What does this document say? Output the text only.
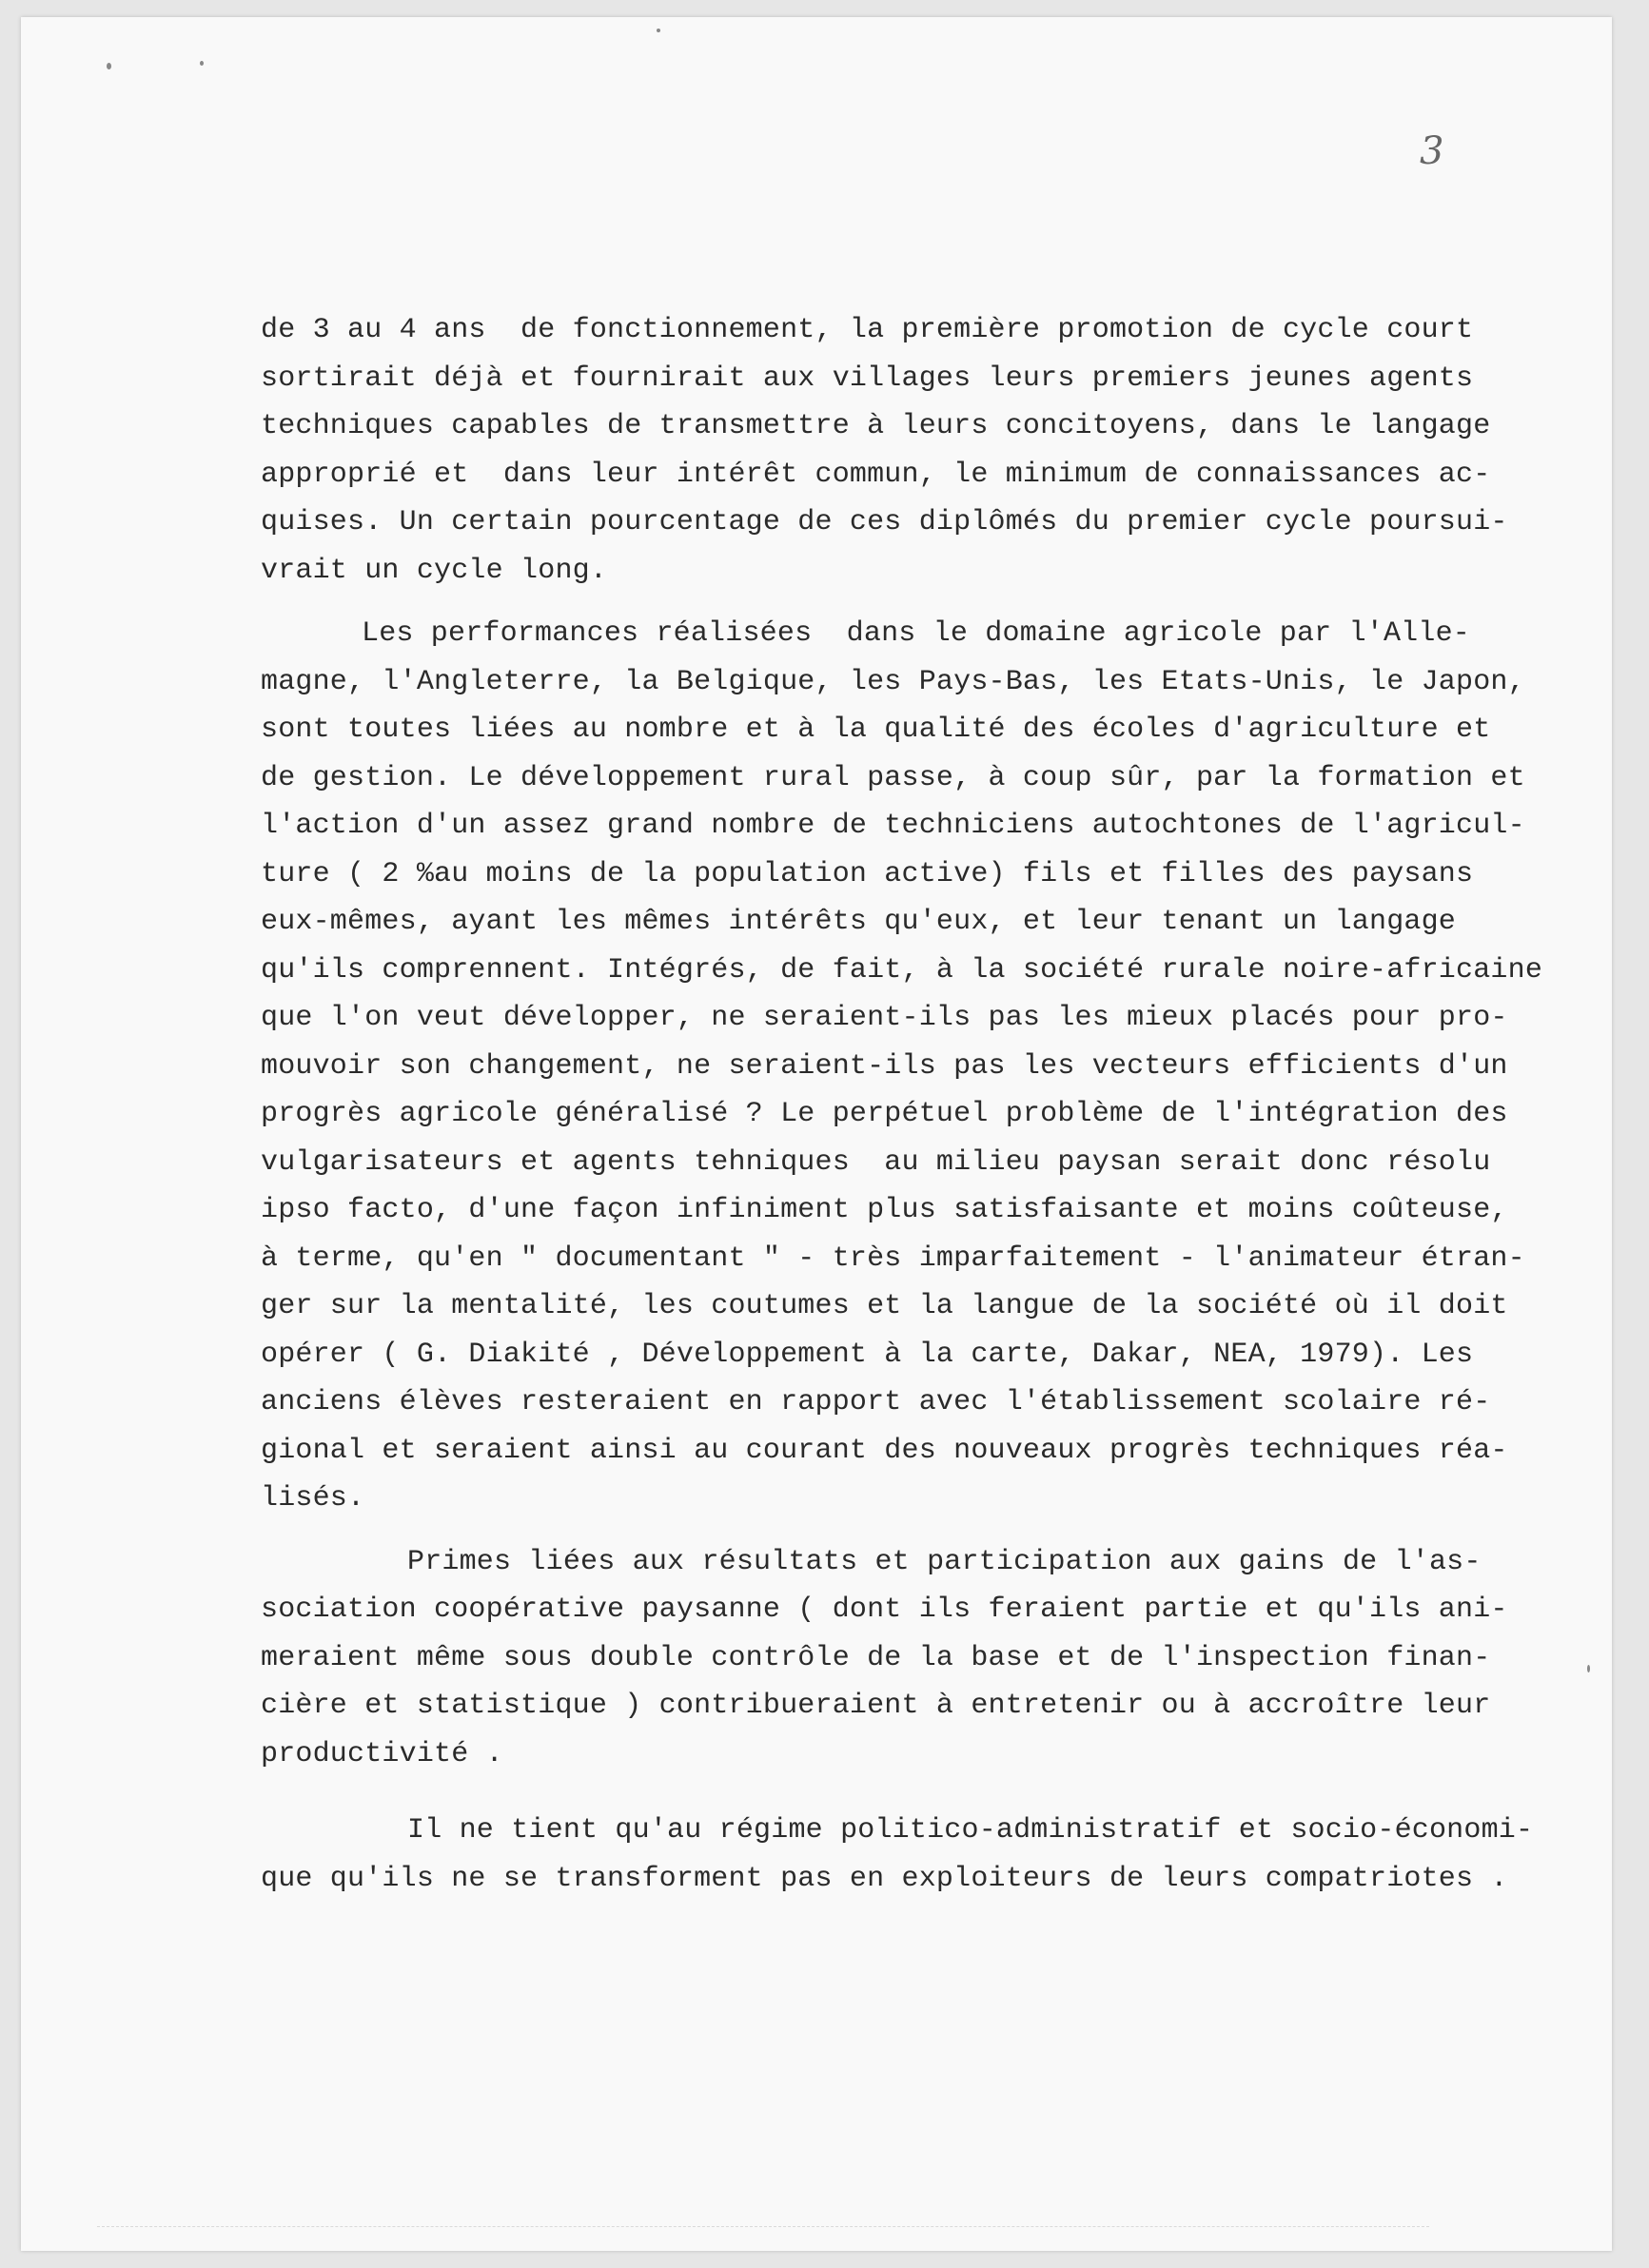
3
de 3 au 4 ans  de fonctionnement, la première promotion de cycle court
sortirait déjà et fournirait aux villages leurs premiers jeunes agents
techniques capables de transmettre à leurs concitoyens, dans le langage
approprié et  dans leur intérêt commun, le minimum de connaissances ac-
quises. Un certain pourcentage de ces diplômés du premier cycle poursui-
vrait un cycle long.
Les performances réalisées  dans le domaine agricole par l'Alle-
magne, l'Angleterre, la Belgique, les Pays-Bas, les Etats-Unis, le Japon,
sont toutes liées au nombre et à la qualité des écoles d'agriculture et
de gestion. Le développement rural passe, à coup sûr, par la formation et
l'action d'un assez grand nombre de techniciens autochtones de l'agricul-
ture ( 2 %au moins de la population active) fils et filles des paysans
eux-mêmes, ayant les mêmes intérêts qu'eux, et leur tenant un langage
qu'ils comprennent. Intégrés, de fait, à la société rurale noire-africaine
que l'on veut développer, ne seraient-ils pas les mieux placés pour pro-
mouvoir son changement, ne seraient-ils pas les vecteurs efficients d'un
progrès agricole généralisé ? Le perpétuel problème de l'intégration des
vulgarisateurs et agents tehniques  au milieu paysan serait donc résolu
ipso facto, d'une façon infiniment plus satisfaisante et moins coûteuse,
à terme, qu'en " documentant " - très imparfaitement - l'animateur étran-
ger sur la mentalité, les coutumes et la langue de la société où il doit
opérer ( G. Diakité , Développement à la carte, Dakar, NEA, 1979). Les
anciens élèves resteraient en rapport avec l'établissement scolaire ré-
gional et seraient ainsi au courant des nouveaux progrès techniques réa-
lisés.
Primes liées aux résultats et participation aux gains de l'as-
sociation coopérative paysanne ( dont ils feraient partie et qu'ils ani-
meraient même sous double contrôle de la base et de l'inspection finan-
cière et statistique ) contribueraient à entretenir ou à accroître leur
productivité .
Il ne tient qu'au régime politico-administratif et socio-économi-
que qu'ils ne se transforment pas en exploiteurs de leurs compatriotes .
